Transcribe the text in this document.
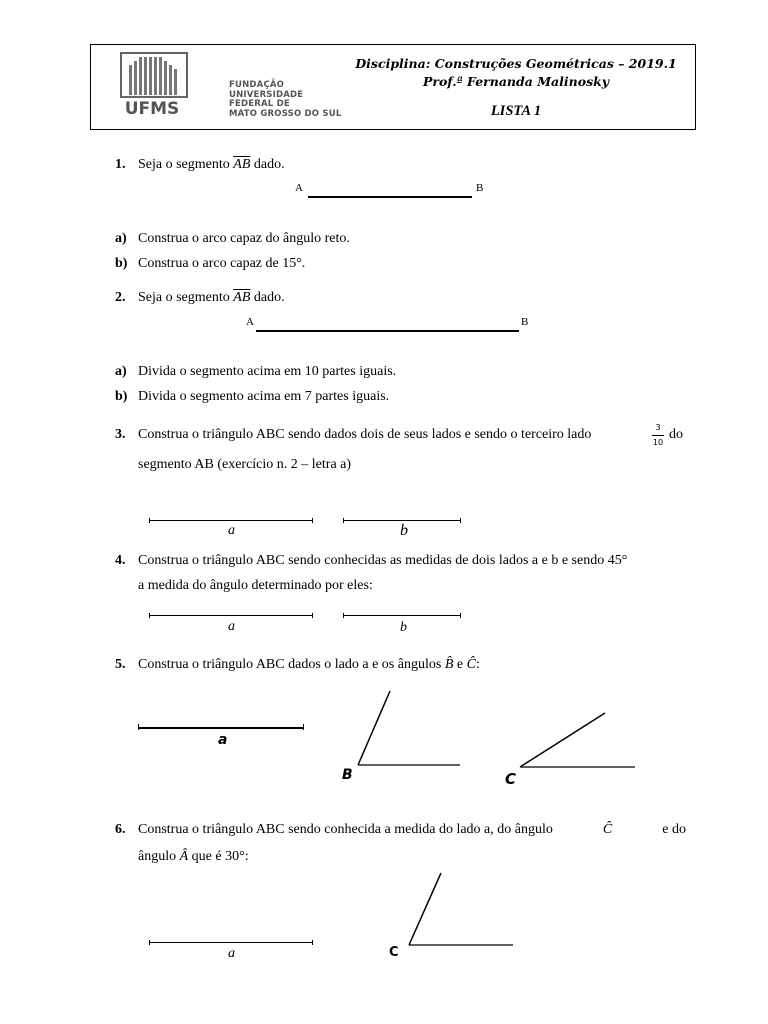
UFMS
FUNDAÇÃO
UNIVERSIDADE
FEDERAL DE
MATO GROSSO DO SUL
Disciplina: Construções Geométricas – 2019.1
Prof.ª Fernanda Malinosky
LISTA 1
1. Seja o segmento $\overline{AB}$ dado.
A	B
a) Construa o arco capaz do ângulo reto.
b) Construa o arco capaz de 15°.
2. Seja o segmento $\overline{AB}$ dado.
A	B
a) Divida o segmento acima em 10 partes iguais.
b) Divida o segmento acima em 7 partes iguais.
3. Construa o triângulo ABC sendo dados dois de seus lados e sendo o terceiro lado	3
10
do
segmento AB (exercício n. 2 – letra a)
a	b
4. Construa o triângulo ABC sendo conhecidas as medidas de dois lados a e b e sendo 45°
a medida do ângulo determinado por eles:
a	b
5. Construa o triângulo ABC dados o lado a e os ângulos B̂ e Ĉ:
a
B	C
6. Construa o triângulo ABC sendo conhecida a medida do lado a, do ângulo	Ĉ	e do
ângulo Â que é 30°:
a	C
